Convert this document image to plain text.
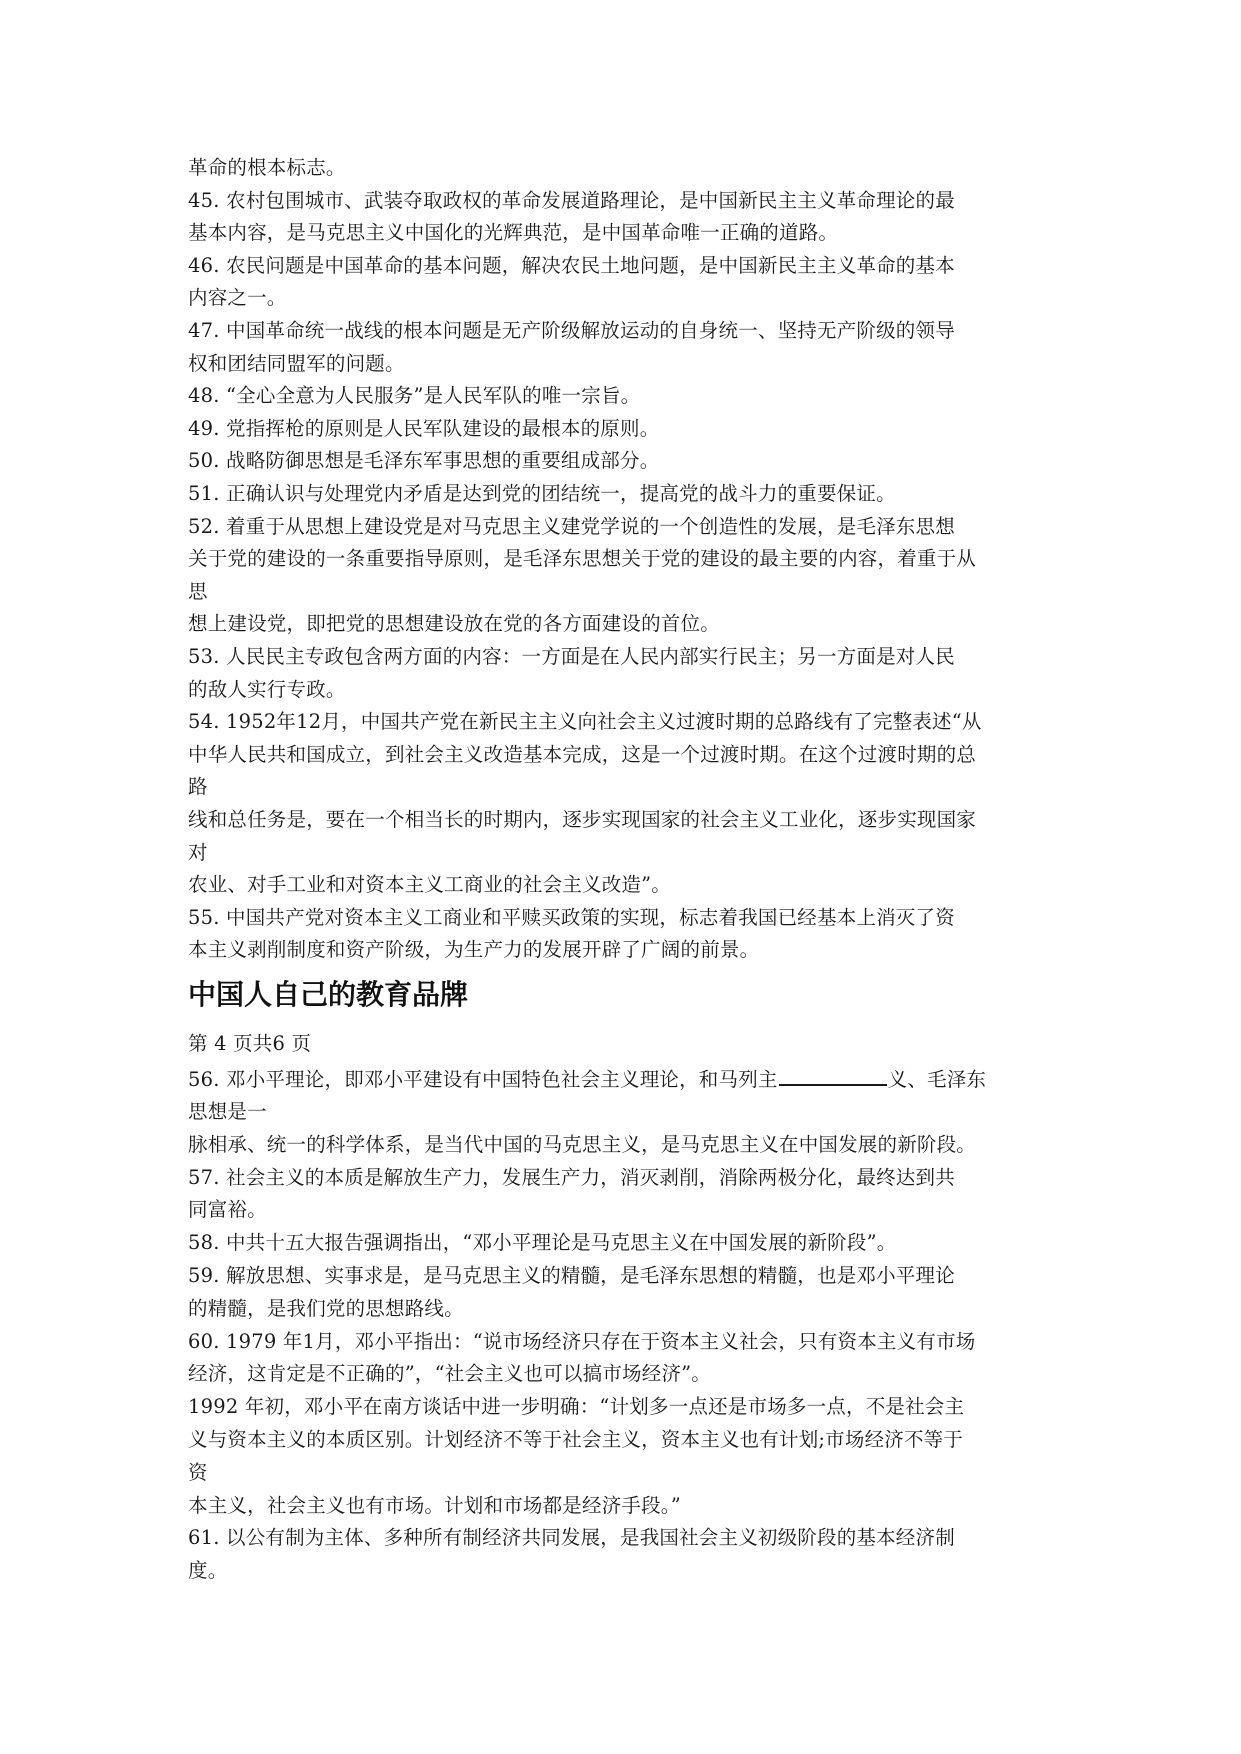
革命的根本标志。
45. 农村包围城市、武装夺取政权的革命发展道路理论，是中国新民主主义革命理论的最
基本内容，是马克思主义中国化的光辉典范，是中国革命唯一正确的道路。
46. 农民问题是中国革命的基本问题，解决农民土地问题，是中国新民主主义革命的基本
内容之一。
47. 中国革命统一战线的根本问题是无产阶级解放运动的自身统一、坚持无产阶级的领导
权和团结同盟军的问题。
48. “全心全意为人民服务”是人民军队的唯一宗旨。
49. 党指挥枪的原则是人民军队建设的最根本的原则。
50. 战略防御思想是毛泽东军事思想的重要组成部分。
51. 正确认识与处理党内矛盾是达到党的团结统一，提高党的战斗力的重要保证。
52. 着重于从思想上建设党是对马克思主义建党学说的一个创造性的发展，是毛泽东思想
关于党的建设的一条重要指导原则，是毛泽东思想关于党的建设的最主要的内容，着重于从
思
想上建设党，即把党的思想建设放在党的各方面建设的首位。
53. 人民民主专政包含两方面的内容：一方面是在人民内部实行民主；另一方面是对人民
的敌人实行专政。
54. 1952年12月，中国共产党在新民主主义向社会主义过渡时期的总路线有了完整表述“从
中华人民共和国成立，到社会主义改造基本完成，这是一个过渡时期。在这个过渡时期的总
路
线和总任务是，要在一个相当长的时期内，逐步实现国家的社会主义工业化，逐步实现国家
对
农业、对手工业和对资本主义工商业的社会主义改造”。
55. 中国共产党对资本主义工商业和平赎买政策的实现，标志着我国已经基本上消灭了资
本主义剥削制度和资产阶级，为生产力的发展开辟了广阔的前景。
中国人自己的教育品牌
第 4 页共6 页
56. 邓小平理论，即邓小平建设有中国特色社会主义理论，和马列主	义、毛泽东
思想是一
脉相承、统一的科学体系，是当代中国的马克思主义，是马克思主义在中国发展的新阶段。
57. 社会主义的本质是解放生产力，发展生产力，消灭剥削，消除两极分化，最终达到共
同富裕。
58. 中共十五大报告强调指出，“邓小平理论是马克思主义在中国发展的新阶段”。
59. 解放思想、实事求是，是马克思主义的精髓，是毛泽东思想的精髓，也是邓小平理论
的精髓，是我们党的思想路线。
60. 1979 年1月，邓小平指出：“说市场经济只存在于资本主义社会，只有资本主义有市场
经济，这肯定是不正确的”，“社会主义也可以搞市场经济”。
1992 年初，邓小平在南方谈话中进一步明确：“计划多一点还是市场多一点，不是社会主
义与资本主义的本质区别。计划经济不等于社会主义，资本主义也有计划;市场经济不等于
资
本主义，社会主义也有市场。计划和市场都是经济手段。”
61. 以公有制为主体、多种所有制经济共同发展，是我国社会主义初级阶段的基本经济制
度。
